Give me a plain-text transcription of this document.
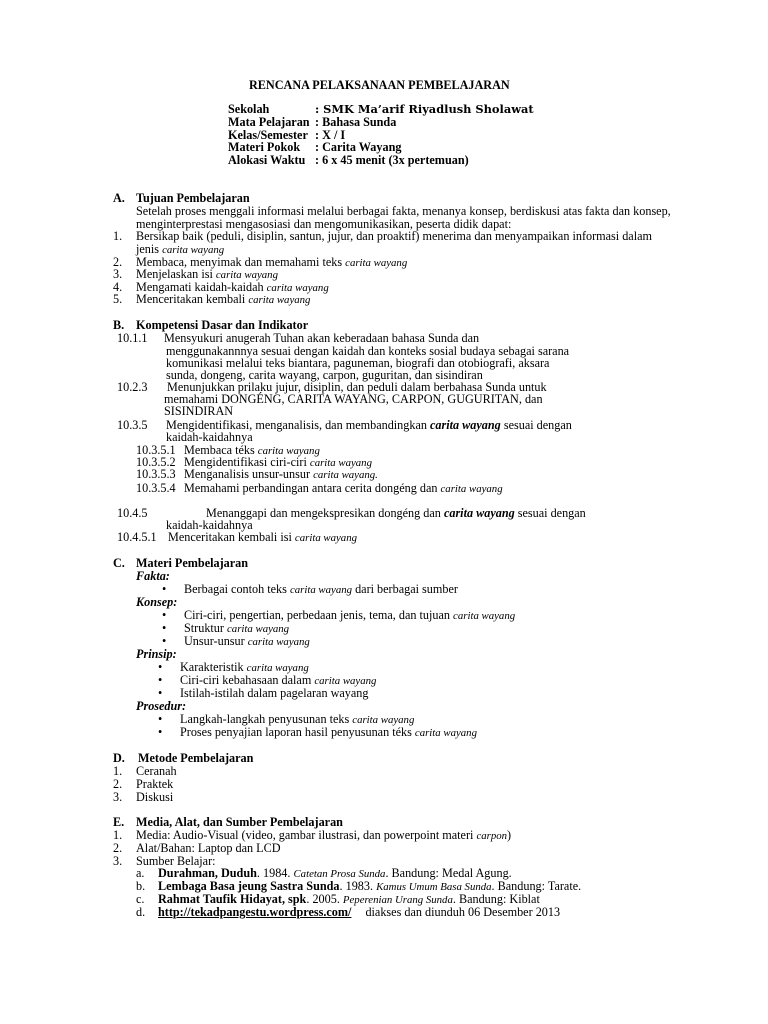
RENCANA PELAKSANAAN PEMBELAJARAN
Sekolah	: SMK Ma’arif Riyadlush Sholawat
Mata Pelajaran : Bahasa Sunda
Kelas/Semester : X / I
Materi Pokok : Carita Wayang
Alokasi Waktu : 6 x 45 menit (3x pertemuan)
A. Tujuan Pembelajaran
Setelah proses menggali informasi melalui berbagai fakta, menanya konsep, berdiskusi atas fakta dan konsep,
menginterprestasi mengasosiasi dan mengomunikasikan, peserta didik dapat:
1. Bersikap baik (peduli, disiplin, santun, jujur, dan proaktif) menerima dan menyampaikan informasi dalam
jenis carita wayang
2. Membaca, menyimak dan memahami teks carita wayang
3. Menjelaskan isi carita wayang
4. Mengamati kaidah-kaidah carita wayang
5. Menceritakan kembali carita wayang
B. Kompetensi Dasar dan Indikator
10.1.1 Mensyukuri anugerah Tuhan akan keberadaan bahasa Sunda dan
menggunakannnya sesuai dengan kaidah dan konteks sosial budaya sebagai sarana
komunikasi melalui teks biantara, paguneman, biografi dan otobiografi, aksara
sunda, dongeng, carita wayang, carpon, guguritan, dan sisindiran
10.2.3 Menunjukkan prilaku jujur, disiplin, dan peduli dalam berbahasa Sunda untuk
memahami DONGÉNG, CARITA WAYANG, CARPON, GUGURITAN, dan
SISINDIRAN
10.3.5 Mengidentifikasi, menganalisis, dan membandingkan carita wayang sesuai dengan
kaidah-kaidahnya
10.3.5.1 Membaca téks carita wayang
10.3.5.2 Mengidentifikasi ciri-ciri carita wayang
10.3.5.3 Menganalisis unsur-unsur carita wayang.
10.3.5.4 Memahami perbandingan antara cerita dongéng dan carita wayang
10.4.5	Menanggapi dan mengekspresikan dongéng dan carita wayang sesuai dengan
kaidah-kaidahnya
10.4.5.1 Menceritakan kembali isi carita wayang
C. Materi Pembelajaran
Fakta:
• Berbagai contoh teks carita wayang dari berbagai sumber
Konsep:
• Ciri-ciri, pengertian, perbedaan jenis, tema, dan tujuan carita wayang
• Struktur carita wayang
• Unsur-unsur carita wayang
Prinsip:
• Karakteristik carita wayang
• Ciri-ciri kebahasaan dalam carita wayang
• Istilah-istilah dalam pagelaran wayang
Prosedur:
• Langkah-langkah penyusunan teks carita wayang
• Proses penyajian laporan hasil penyusunan téks carita wayang
D. Metode Pembelajaran
1. Ceranah
2. Praktek
3. Diskusi
E. Media, Alat, dan Sumber Pembelajaran
1. Media: Audio-Visual (video, gambar ilustrasi, dan powerpoint materi carpon)
2. Alat/Bahan: Laptop dan LCD
3. Sumber Belajar:
a. Durahman, Duduh. 1984. Catetan Prosa Sunda. Bandung: Medal Agung.
b. Lembaga Basa jeung Sastra Sunda. 1983. Kamus Umum Basa Sunda. Bandung: Tarate.
c. Rahmat Taufik Hidayat, spk. 2005. Peperenian Urang Sunda. Bandung: Kiblat
d. http://tekadpangestu.wordpress.com/ diakses dan diunduh 06 Desember 2013
